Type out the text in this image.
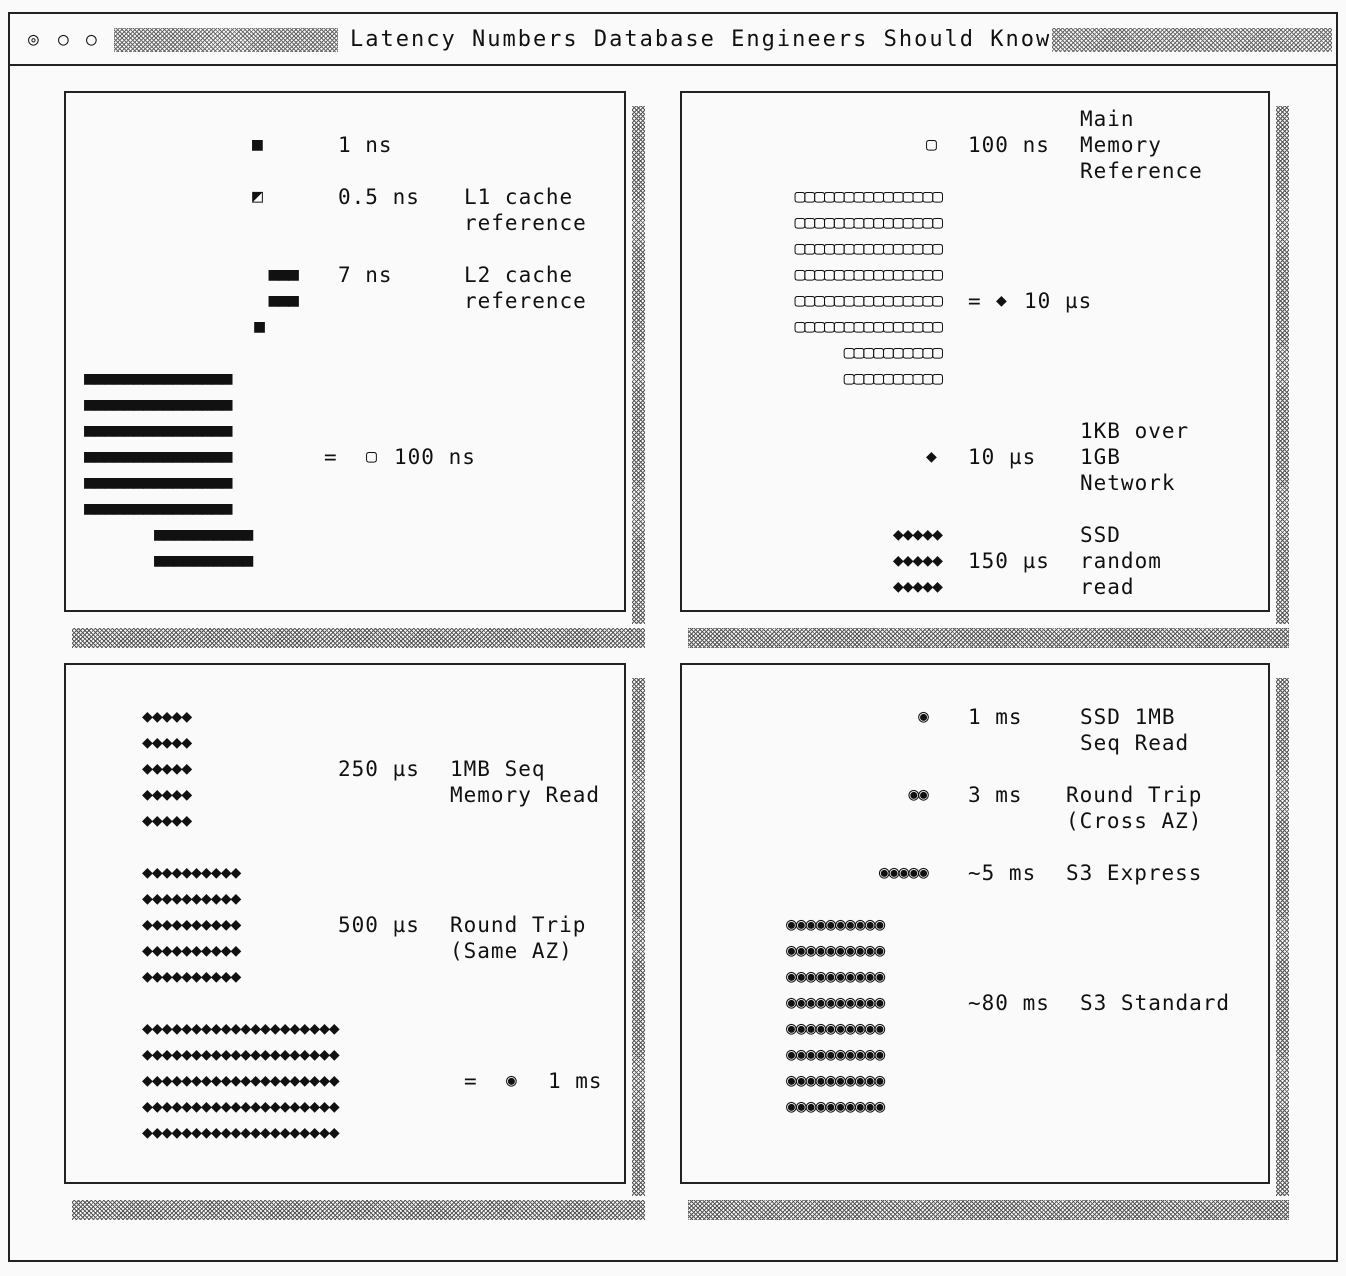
◎ ○ ○	Latency Numbers Database Engineers Should Know
■	1 ns
◩	0.5 ns L1 cache
reference
■■■
■■■
■
7 ns	L2 cache
reference
■■■■■■■■■■■■■■■
■■■■■■■■■■■■■■■
■■■■■■■■■■■■■■■
■■■■■■■■■■■■■■■
■■■■■■■■■■■■■■■
■■■■■■■■■■■■■■■
■■■■■■■■■■
■■■■■■■■■■
= ▢ 100 ns
▢ 100 ns
Main
Memory
Reference
▢▢▢▢▢▢▢▢▢▢▢▢▢▢▢
▢▢▢▢▢▢▢▢▢▢▢▢▢▢▢
▢▢▢▢▢▢▢▢▢▢▢▢▢▢▢
▢▢▢▢▢▢▢▢▢▢▢▢▢▢▢
▢▢▢▢▢▢▢▢▢▢▢▢▢▢▢
▢▢▢▢▢▢▢▢▢▢▢▢▢▢▢
▢▢▢▢▢▢▢▢▢▢
▢▢▢▢▢▢▢▢▢▢
= ◆ 10 µs
◆ 10 µs
1KB over
1GB
Network
◆◆◆◆◆
◆◆◆◆◆
◆◆◆◆◆
150 µs
SSD
random
read
◆◆◆◆◆
◆◆◆◆◆
◆◆◆◆◆
◆◆◆◆◆
◆◆◆◆◆
250 µs 1MB Seq
Memory Read
◆◆◆◆◆◆◆◆◆◆
◆◆◆◆◆◆◆◆◆◆
◆◆◆◆◆◆◆◆◆◆
◆◆◆◆◆◆◆◆◆◆
◆◆◆◆◆◆◆◆◆◆
500 µs Round Trip
(Same AZ)
◆◆◆◆◆◆◆◆◆◆◆◆◆◆◆◆◆◆◆◆
◆◆◆◆◆◆◆◆◆◆◆◆◆◆◆◆◆◆◆◆
◆◆◆◆◆◆◆◆◆◆◆◆◆◆◆◆◆◆◆◆
◆◆◆◆◆◆◆◆◆◆◆◆◆◆◆◆◆◆◆◆
◆◆◆◆◆◆◆◆◆◆◆◆◆◆◆◆◆◆◆◆
= ◉ 1 ms
◉ 1 ms	SSD 1MB
Seq Read
◉◉ 3 ms Round Trip
(Cross AZ)
◉◉◉◉◉ ~5 ms S3 Express
◉◉◉◉◉◉◉◉◉◉
◉◉◉◉◉◉◉◉◉◉
◉◉◉◉◉◉◉◉◉◉
◉◉◉◉◉◉◉◉◉◉
◉◉◉◉◉◉◉◉◉◉
◉◉◉◉◉◉◉◉◉◉
◉◉◉◉◉◉◉◉◉◉
◉◉◉◉◉◉◉◉◉◉
~80 ms S3 Standard
